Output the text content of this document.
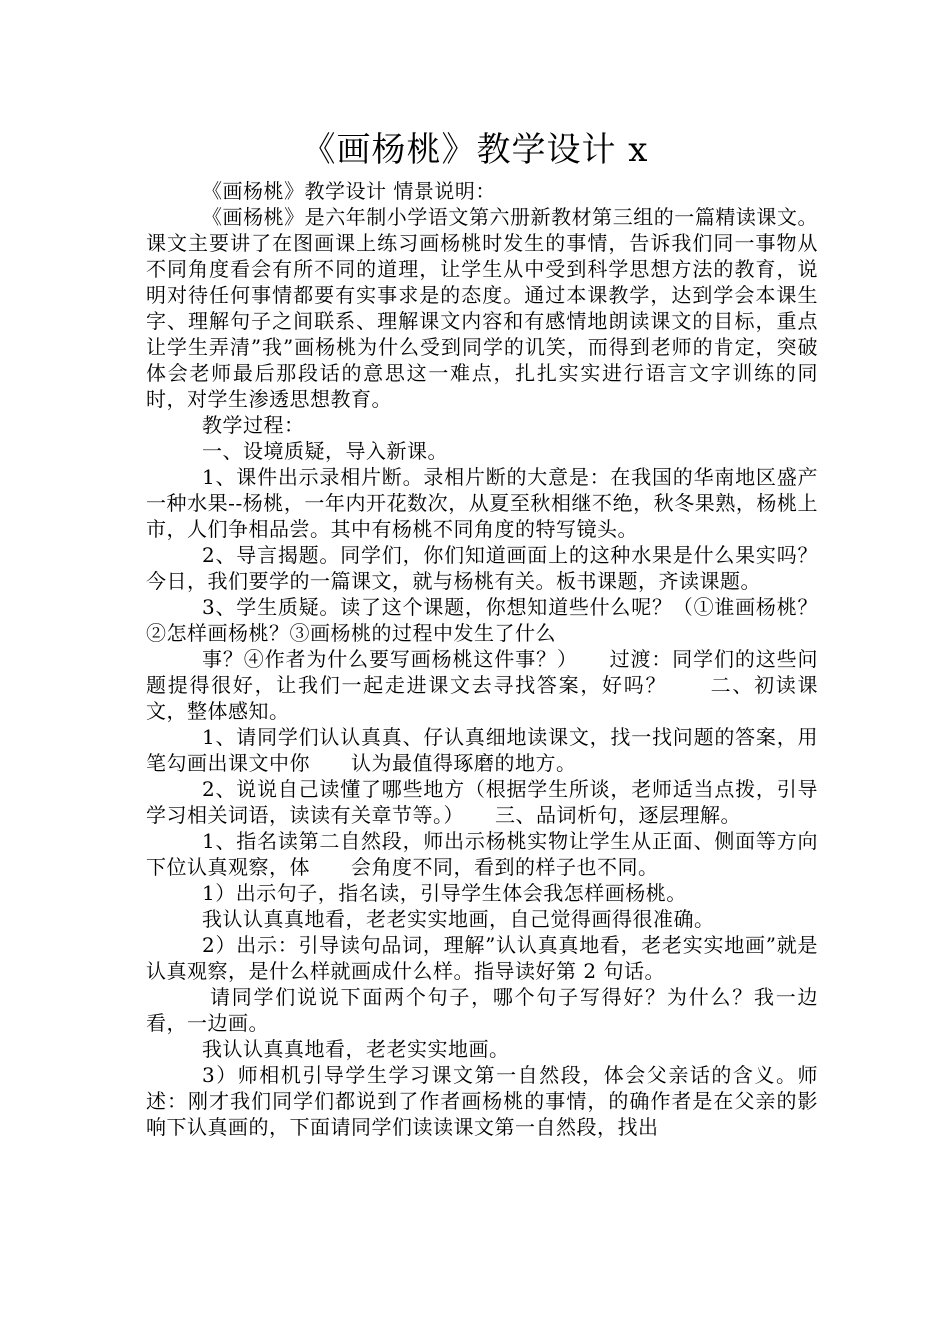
《画杨桃》教学设计 x

《画杨桃》教学设计 情景说明：

《画杨桃》是六年制小学语文第六册新教材第三组的一篇精读课文。课文主要讲了在图画课上练习画杨桃时发生的事情，告诉我们同一事物从不同角度看会有所不同的道理，让学生从中受到科学思想方法的教育，说明对待任何事情都要有实事求是的态度。通过本课教学，达到学会本课生字、理解句子之间联系、理解课文内容和有感情地朗读课文的目标，重点让学生弄清”我”画杨桃为什么受到同学的讥笑，而得到老师的肯定，突破体会老师最后那段话的意思这一难点，扎扎实实进行语言文字训练的同时，对学生渗透思想教育。

教学过程：

一、设境质疑，导入新课。

1、课件出示录相片断。录相片断的大意是：在我国的华南地区盛产一种水果--杨桃，一年内开花数次，从夏至秋相继不绝，秋冬果熟，杨桃上市，人们争相品尝。其中有杨桃不同角度的特写镜头。

2、导言揭题。同学们，你们知道画面上的这种水果是什么果实吗？今日，我们要学的一篇课文，就与杨桃有关。板书课题，齐读课题。

3、学生质疑。读了这个课题，你想知道些什么呢？（①谁画杨桃？②怎样画杨桃？③画杨桃的过程中发生了什么

事？④作者为什么要写画杨桃这件事？）　　过渡：同学们的这些问题提得很好，让我们一起走进课文去寻找答案，好吗？　　二、初读课文，整体感知。

1、请同学们认认真真、仔认真细地读课文，找一找问题的答案，用笔勾画出课文中你　　认为最值得琢磨的地方。

2、说说自己读懂了哪些地方（根据学生所谈，老师适当点拨，引导学习相关词语，读读有关章节等。）　　三、品词析句，逐层理解。

1、指名读第二自然段，师出示杨桃实物让学生从正面、侧面等方向下位认真观察，体　　会角度不同，看到的样子也不同。

1）出示句子，指名读，引导学生体会我怎样画杨桃。

我认认真真地看，老老实实地画，自己觉得画得很准确。

2）出示：引导读句品词，理解”认认真真地看，老老实实地画”就是　　认真观察，是什么样就画成什么样。指导读好第 2 句话。

请同学们说说下面两个句子，哪个句子写得好？为什么？我一边看，一边画。

我认认真真地看，老老实实地画。

3）师相机引导学生学习课文第一自然段，体会父亲话的含义。师述：刚才我们同学们都说到了作者画杨桃的事情，的确作者是在父亲的影响下认真画的，下面请同学们读读课文第一自然段，找出
